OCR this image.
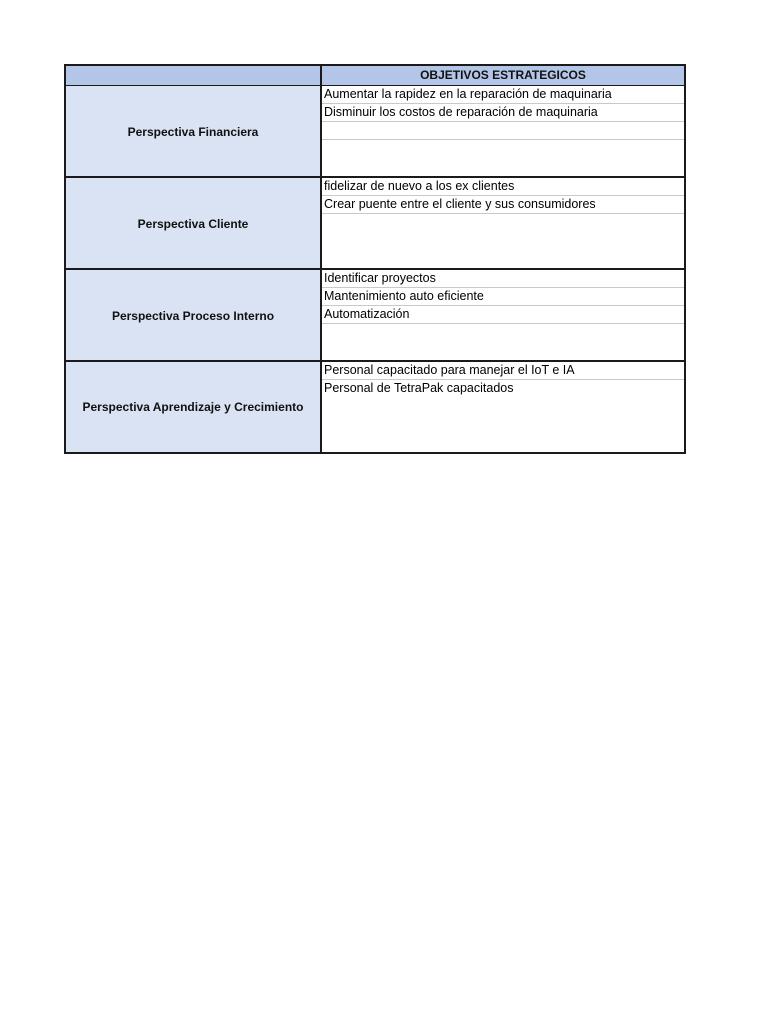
OBJETIVOS ESTRATEGICOS
Perspectiva Financiera
Aumentar la rapidez en la reparación de maquinaria
Disminuir los costos de reparación de maquinaria
Perspectiva Cliente
fidelizar de nuevo a los ex clientes
Crear puente entre el cliente y sus consumidores
Perspectiva Proceso Interno
Identificar proyectos
Mantenimiento auto eficiente
Automatización
Perspectiva Aprendizaje y Crecimiento
Personal capacitado para manejar el IoT e IA
Personal de TetraPak capacitados
